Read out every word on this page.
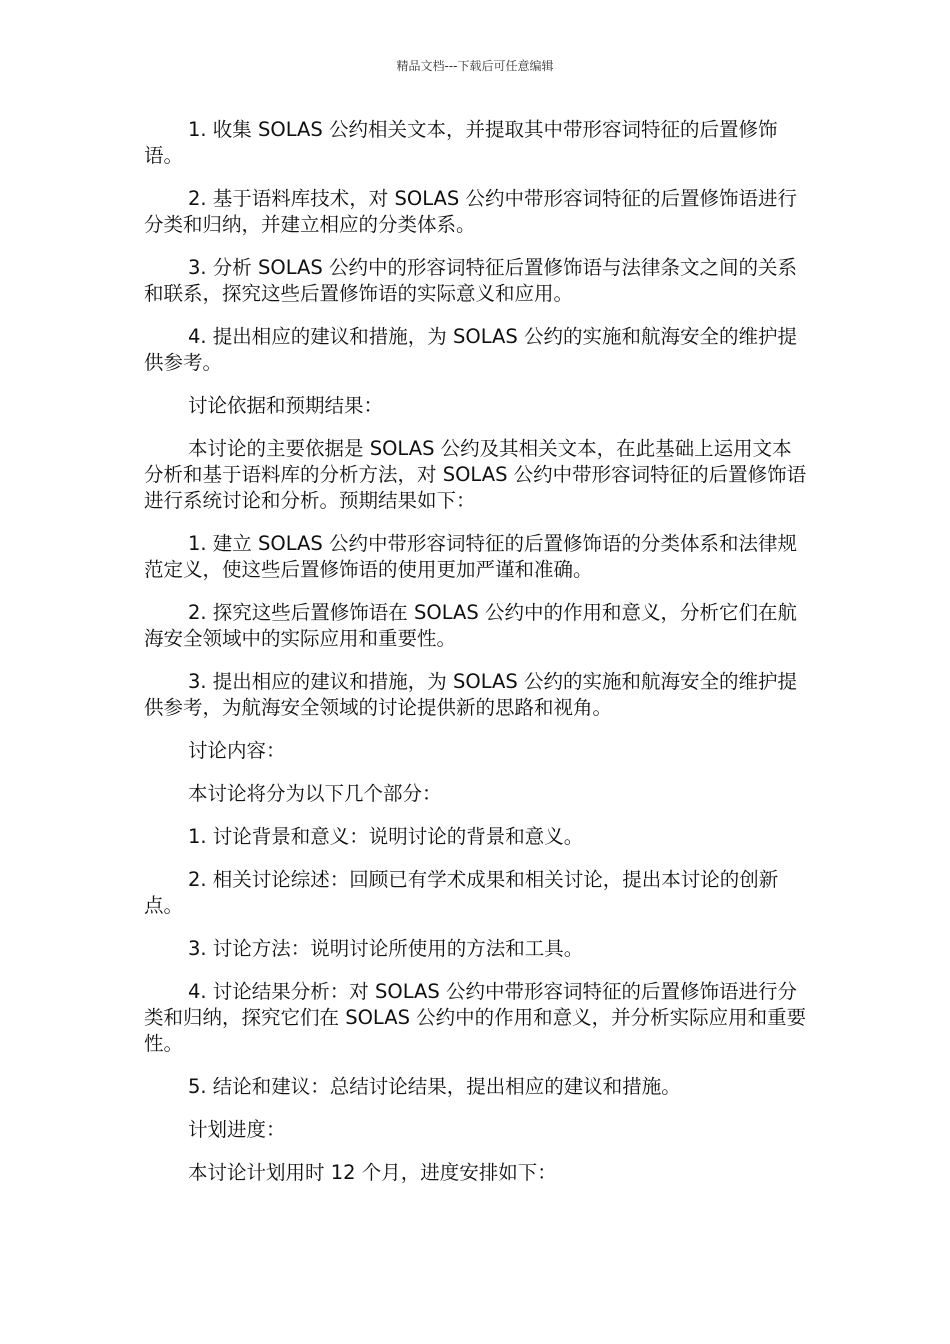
精品文档---下载后可任意编辑

1. 收集 SOLAS 公约相关文本，并提取其中带形容词特征的后置修饰语。

2. 基于语料库技术，对 SOLAS 公约中带形容词特征的后置修饰语进行分类和归纳，并建立相应的分类体系。

3. 分析 SOLAS 公约中的形容词特征后置修饰语与法律条文之间的关系和联系，探究这些后置修饰语的实际意义和应用。

4. 提出相应的建议和措施，为 SOLAS 公约的实施和航海安全的维护提供参考。

讨论依据和预期结果：

本讨论的主要依据是 SOLAS 公约及其相关文本，在此基础上运用文本分析和基于语料库的分析方法，对 SOLAS 公约中带形容词特征的后置修饰语进行系统讨论和分析。预期结果如下：

1. 建立 SOLAS 公约中带形容词特征的后置修饰语的分类体系和法律规范定义，使这些后置修饰语的使用更加严谨和准确。

2. 探究这些后置修饰语在 SOLAS 公约中的作用和意义，分析它们在航海安全领域中的实际应用和重要性。

3. 提出相应的建议和措施，为 SOLAS 公约的实施和航海安全的维护提供参考，为航海安全领域的讨论提供新的思路和视角。

讨论内容：

本讨论将分为以下几个部分：

1. 讨论背景和意义：说明讨论的背景和意义。

2. 相关讨论综述：回顾已有学术成果和相关讨论，提出本讨论的创新点。

3. 讨论方法：说明讨论所使用的方法和工具。

4. 讨论结果分析：对 SOLAS 公约中带形容词特征的后置修饰语进行分类和归纳，探究它们在 SOLAS 公约中的作用和意义，并分析实际应用和重要性。

5. 结论和建议：总结讨论结果，提出相应的建议和措施。

计划进度：

本讨论计划用时 12 个月，进度安排如下：
